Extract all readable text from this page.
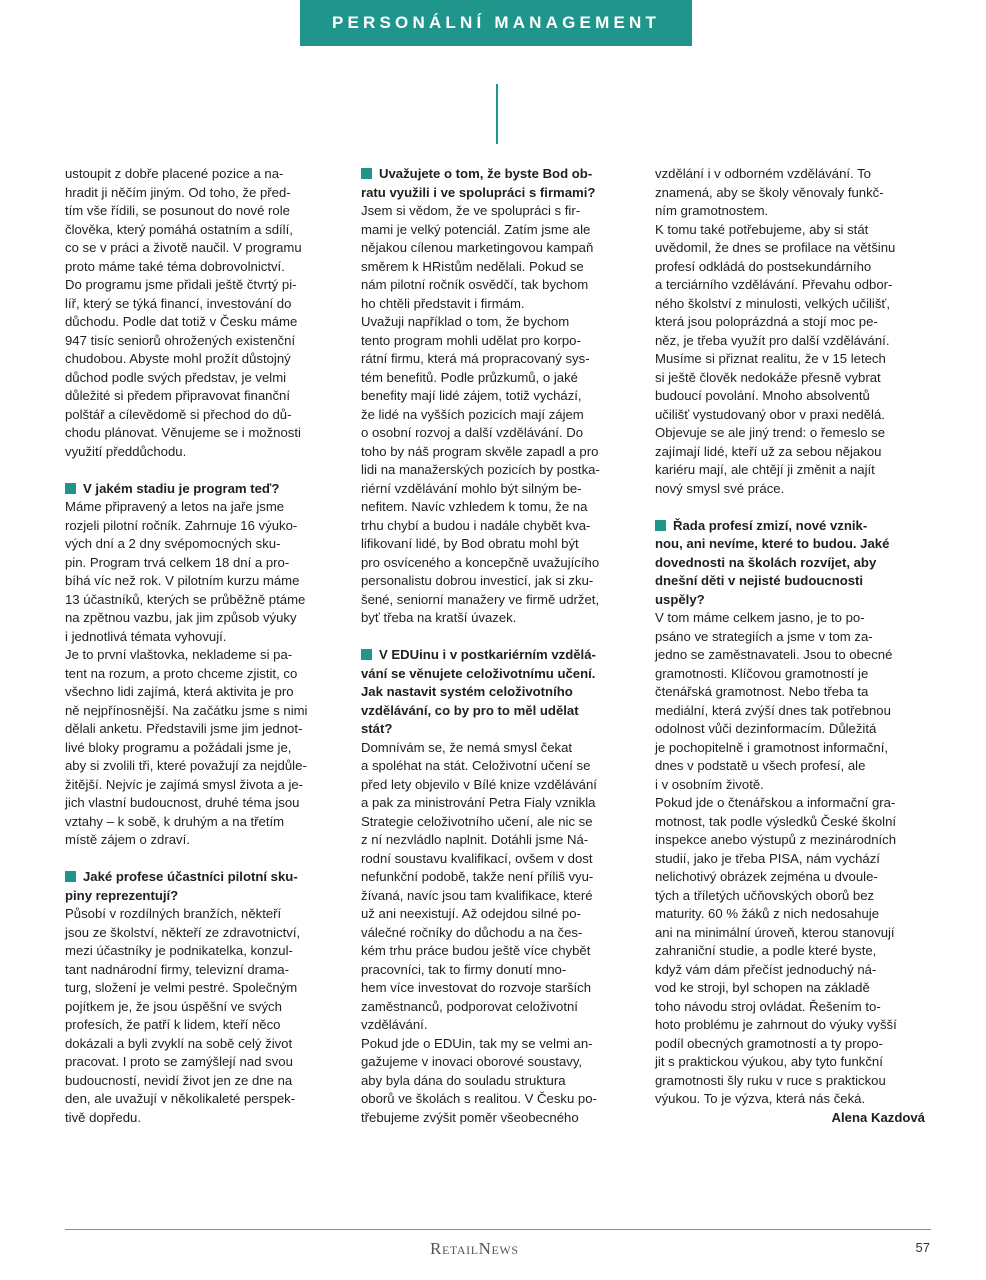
PERSONÁLNÍ MANAGEMENT

ustoupit z dobře placené pozice a na-
hradit ji něčím jiným. Od toho, že před-
tím vše řídili, se posunout do nové role
člověka, který pomáhá ostatním a sdílí,
co se v práci a životě naučil. V programu
proto máme také téma dobrovolnictví.
Do programu jsme přidali ještě čtvrtý pi-
líř, který se týká financí, investování do
důchodu. Podle dat totiž v Česku máme
947 tisíc seniorů ohrožených existenční
chudobou. Abyste mohl prožít důstojný
důchod podle svých představ, je velmi
důležité si předem připravovat finanční
polštář a cílevědomě si přechod do dů-
chodu plánovat. Věnujeme se i možnosti
využití předdůchodu.

V jakém stadiu je program teď?

Máme připravený a letos na jaře jsme
rozjeli pilotní ročník. Zahrnuje 16 výuko-
vých dní a 2 dny svépomocných sku-
pin. Program trvá celkem 18 dní a pro-
bíhá víc než rok. V pilotním kurzu máme
13 účastníků, kterých se průběžně ptáme
na zpětnou vazbu, jak jim způsob výuky
i jednotlivá témata vyhovují.

Je to první vlaštovka, neklademe si pa-
tent na rozum, a proto chceme zjistit, co
všechno lidi zajímá, která aktivita je pro
ně nejpřínosnější. Na začátku jsme s nimi
dělali anketu. Představili jsme jim jednot-
livé bloky programu a požádali jsme je,
aby si zvolili tři, které považují za nejdůle-
žitější. Nejvíc je zajímá smysl života a je-
jich vlastní budoucnost, druhé téma jsou
vztahy – k sobě, k druhým a na třetím
místě zájem o zdraví.

Jaké profese účastníci pilotní sku-
piny reprezentují?

Působí v rozdílných branžích, někteří
jsou ze školství, někteří ze zdravotnictví,
mezi účastníky je podnikatelka, konzul-
tant nadnárodní firmy, televizní drama-
turg, složení je velmi pestré. Společným
pojítkem je, že jsou úspěšní ve svých
profesích, že patří k lidem, kteří něco
dokázali a byli zvyklí na sobě celý život
pracovat. I proto se zamýšlejí nad svou
budoucností, nevidí život jen ze dne na
den, ale uvažují v několikaleté perspek-
tivě dopředu.

Uvažujete o tom, že byste Bod ob-
ratu využili i ve spolupráci s firmami?

Jsem si vědom, že ve spolupráci s fir-
mami je velký potenciál. Zatím jsme ale
nějakou cílenou marketingovou kampaň
směrem k HRistům nedělali. Pokud se
nám pilotní ročník osvědčí, tak bychom
ho chtěli představit i firmám.

Uvažuji například o tom, že bychom
tento program mohli udělat pro korpo-
rátní firmu, která má propracovaný sys-
tém benefitů. Podle průzkumů, o jaké
benefity mají lidé zájem, totiž vychází,
že lidé na vyšších pozicích mají zájem
o osobní rozvoj a další vzdělávání. Do
toho by náš program skvěle zapadl a pro
lidi na manažerských pozicích by postka-
riérní vzdělávání mohlo být silným be-
nefitem. Navíc vzhledem k tomu, že na
trhu chybí a budou i nadále chybět kva-
lifikovaní lidé, by Bod obratu mohl být
pro osvíceného a koncepčně uvažujícího
personalistu dobrou investicí, jak si zku-
šené, seniorní manažery ve firmě udržet,
byť třeba na kratší úvazek.

V EDUinu i v postkariérním vzdělá-
vání se věnujete celoživotnímu učení.
Jak nastavit systém celoživotního
vzdělávání, co by pro to měl udělat
stát?

Domnívám se, že nemá smysl čekat
a spoléhat na stát. Celoživotní učení se
před lety objevilo v Bílé knize vzdělávání
a pak za ministrování Petra Fialy vznikla
Strategie celoživotního učení, ale nic se
z ní nezvládlo naplnit. Dotáhli jsme Ná-
rodní soustavu kvalifikací, ovšem v dost
nefunkční podobě, takže není příliš vyu-
žívaná, navíc jsou tam kvalifikace, které
už ani neexistují. Až odejdou silné po-
válečné ročníky do důchodu a na čes-
kém trhu práce budou ještě více chybět
pracovníci, tak to firmy donutí mno-
hem více investovat do rozvoje starších
zaměstnanců, podporovat celoživotní
vzdělávání.

Pokud jde o EDUin, tak my se velmi an-
gažujeme v inovaci oborové soustavy,
aby byla dána do souladu struktura
oborů ve školách s realitou. V Česku po-
třebujeme zvýšit poměr všeobecného

vzdělání i v odborném vzdělávání. To
znamená, aby se školy věnovaly funkč-
ním gramotnostem.

K tomu také potřebujeme, aby si stát
uvědomil, že dnes se profilace na většinu
profesí odkládá do postsekundárního
a terciárního vzdělávání. Převahu odbor-
ného školství z minulosti, velkých učilišť,
která jsou poloprázdná a stojí moc pe-
něz, je třeba využít pro další vzdělávání.
Musíme si přiznat realitu, že v 15 letech
si ještě člověk nedokáže přesně vybrat
budoucí povolání. Mnoho absolventů
učilišť vystudovaný obor v praxi nedělá.
Objevuje se ale jiný trend: o řemeslo se
zajímají lidé, kteří už za sebou nějakou
kariéru mají, ale chtějí ji změnit a najít
nový smysl své práce.

Řada profesí zmizí, nové vznik-
nou, ani nevíme, které to budou. Jaké
dovednosti na školách rozvíjet, aby
dnešní děti v nejisté budoucnosti
uspěly?

V tom máme celkem jasno, je to po-
psáno ve strategiích a jsme v tom za-
jedno se zaměstnavateli. Jsou to obecné
gramotnosti. Klíčovou gramotností je
čtenářská gramotnost. Nebo třeba ta
mediální, která zvýší dnes tak potřebnou
odolnost vůči dezinformacím. Důležitá
je pochopitelně i gramotnost informační,
dnes v podstatě u všech profesí, ale
i v osobním životě.

Pokud jde o čtenářskou a informační gra-
motnost, tak podle výsledků České školní
inspekce anebo výstupů z mezinárodních
studií, jako je třeba PISA, nám vychází
nelichotivý obrázek zejména u dvoule-
tých a tříletých učňovských oborů bez
maturity. 60 % žáků z nich nedosahuje
ani na minimální úroveň, kterou stanovují
zahraniční studie, a podle které byste,
když vám dám přečíst jednoduchý ná-
vod ke stroji, byl schopen na základě
toho návodu stroj ovládat. Řešením to-
hoto problému je zahrnout do výuky vyšší
podíl obecných gramotností a ty propo-
jit s praktickou výukou, aby tyto funkční
gramotnosti šly ruku v ruce s praktickou
výukou. To je výzva, která nás čeká.

Alena Kazdová

RetailNews	57
